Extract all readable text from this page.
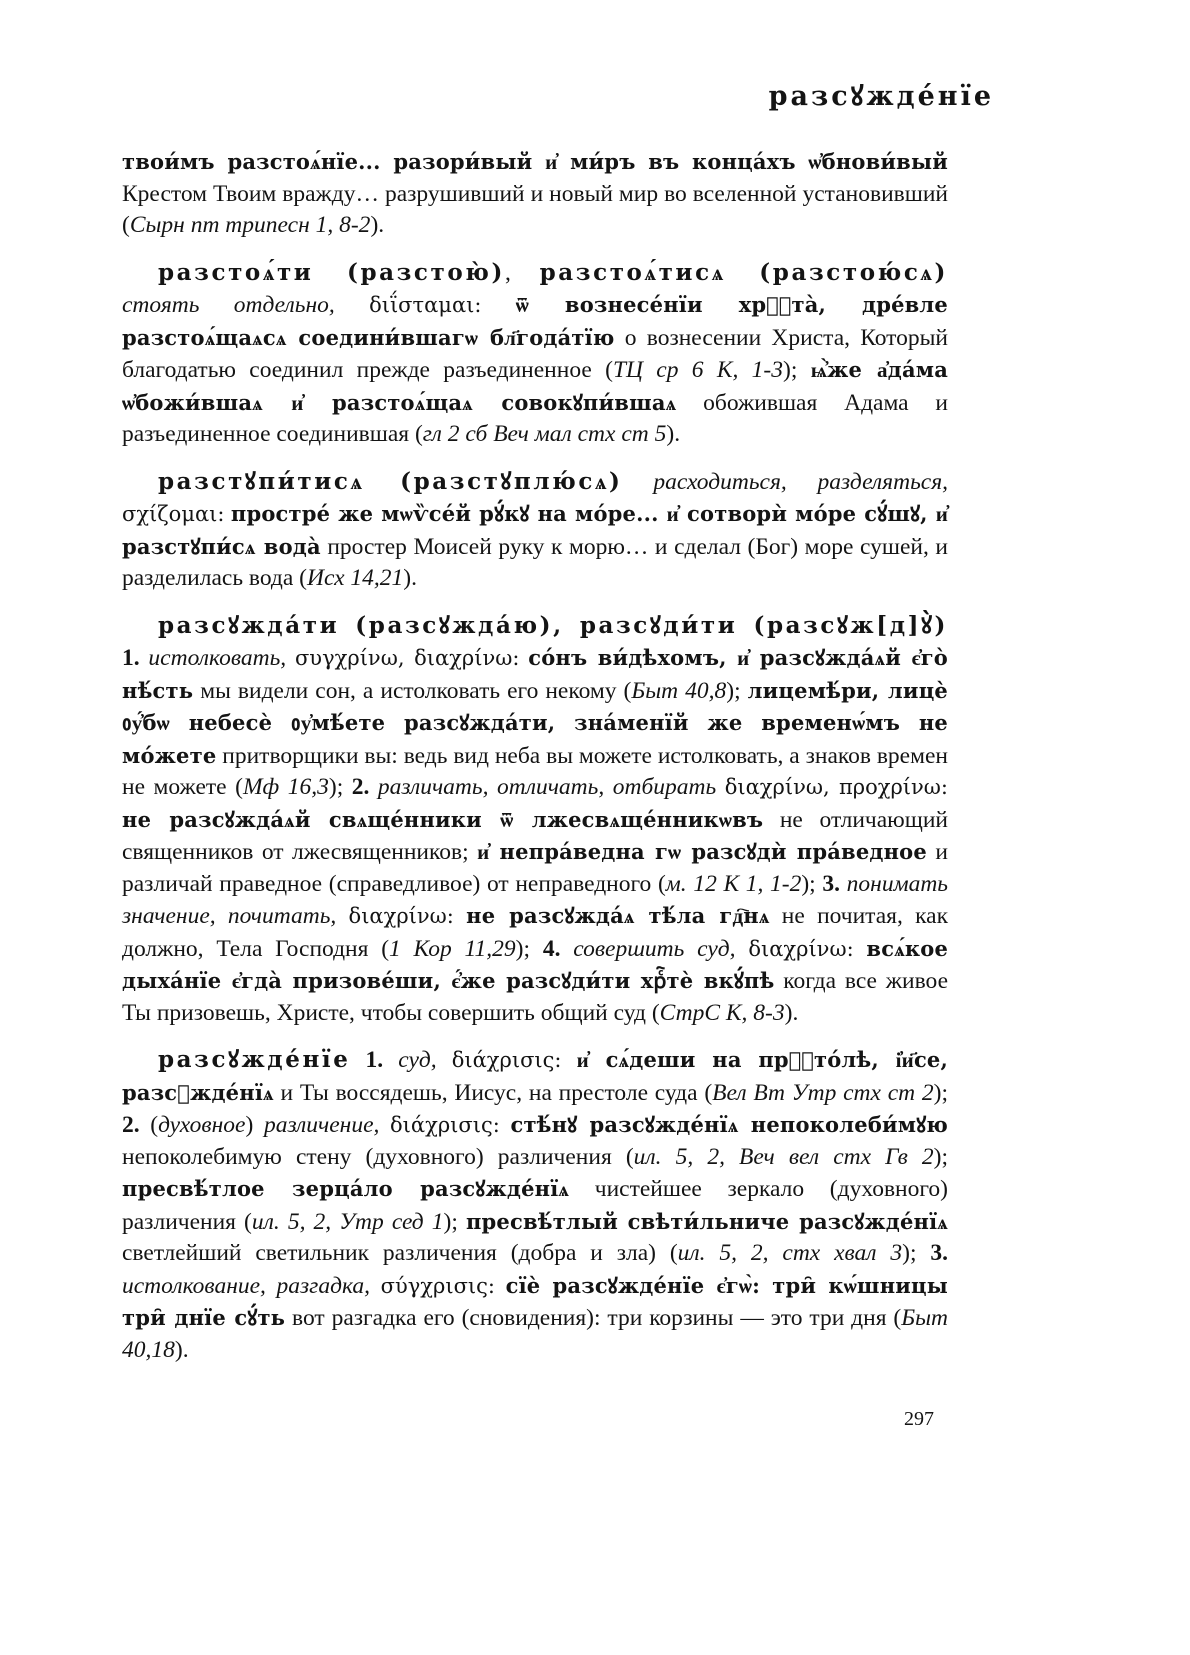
разсꙋжде́нїе

твои́мъ разстоѧ́нїе... разори́вый и҆ ми́ръ въ конца́хъ ѡ҆бнови́вый Крестом Твоим вражду… разрушивший и новый мир во вселенной установивший (Сырн пт трипесн 1, 8-2).

разстоѧ́ти (разстою̀), разстоѧ́тисѧ (разстою́сѧ) стоять отдельно, διΐσταμαι: ѿ вознесе́нїи хрⷭ҇та̀, дре́вле разстоѧ́щаѧсѧ соедини́вшагѡ бл҃года́тїю о вознесении Христа, Который благодатью соединил прежде разъединенное (ТЦ ср 6 К, 1-3); ѩ҆̀же а҆да́ма ѡ҆божи́вшаѧ и҆ разстоѧ́щаѧ совокꙋпи́вшаѧ обожившая Адама и разъединенное соединившая (гл 2 сб Веч мал стх ст 5).

разстꙋпи́тисѧ (разстꙋплю́сѧ) расходиться, разделяться, σχίζομαι: простре́ же мѡѷсе́й рꙋ́кꙋ на мо́ре... и҆ сотворѝ мо́ре сꙋ́шꙋ, и҆ разстꙋпи́сѧ вода̀ простер Моисей руку к морю… и сделал (Бог) море сушей, и разделилась вода (Исх 14,21).

разсꙋжда́ти (разсꙋжда́ю), разсꙋди́ти (разсꙋж[д]ꙋ̀) 1. истолковать, συγχρίνω, διαχρίνω: со́нъ ви́дѣхомъ, и҆ разсꙋжда́ѧй є҆го̀ нѣ́сть мы видели сон, а истолковать его некому (Быт 40,8); лицемѣ́ри, лицѐ ᲂу҆́бѡ небесѐ ᲂу҆мѣ́ете разсꙋжда́ти, зна́менїй же временѡ́мъ не мо́жете притворщики вы: ведь вид неба вы можете истолковать, а знаков времен не можете (Мф 16,3); 2. различать, отличать, отбирать διαχρίνω, προχρίνω: не разсꙋжда́ѧй свѧще́нники ѿ лжесвѧще́нникѡвъ не отличающий священников от лжесвященников; и҆ непра́ведна гѡ разсꙋдѝ пра́ведное и различай праведное (справедливое) от неправедного (м. 12 К 1, 1-2); 3. понимать значение, почитать, διαχρίνω: не разсꙋжда́ѧ тѣ́ла гд҇нѧ не почитая, как должно, Тела Господня (1 Кор 11,29); 4. совершить суд, διαχρίνω: всѧ́кое дыха́нїе є҆гда̀ призове́ши, є҆́же разсꙋди́ти хрⷭ҇тѐ вкꙋ́пѣ когда все живое Ты призовешь, Христе, чтобы совершить общий суд (СтрС К, 8-3).

разсꙋжде́нїе 1. суд, διάχρισις: и҆ сѧ́деши на прⷭ҇то́лѣ, і҆и҃се, разсꙋжде́нїѧ и Ты воссядешь, Иисус, на престоле суда (Вел Вт Утр стх ст 2); 2. (духовное) различение, διάχρισις: стѣ́нꙋ разсꙋжде́нїѧ непоколеби́мꙋю непоколебимую стену (духовного) различения (ил. 5, 2, Веч вел стх Гв 2); пресвѣ́тлое зерца́ло разсꙋжде́нїѧ чистейшее зеркало (духовного) различения (ил. 5, 2, Утр сед 1); пресвѣ́тлый свѣти́льниче разсꙋжде́нїѧ светлейший светильник различения (добра и зла) (ил. 5, 2, стх хвал 3); 3. истолкование, разгадка, σύγχρισις: сїѐ разсꙋжде́нїе є҆гѡ̀: три̑ кѡ́шницы три̑ днїе сꙋ́ть вот разгадка его (сновидения): три корзины — это три дня (Быт 40,18).

297
